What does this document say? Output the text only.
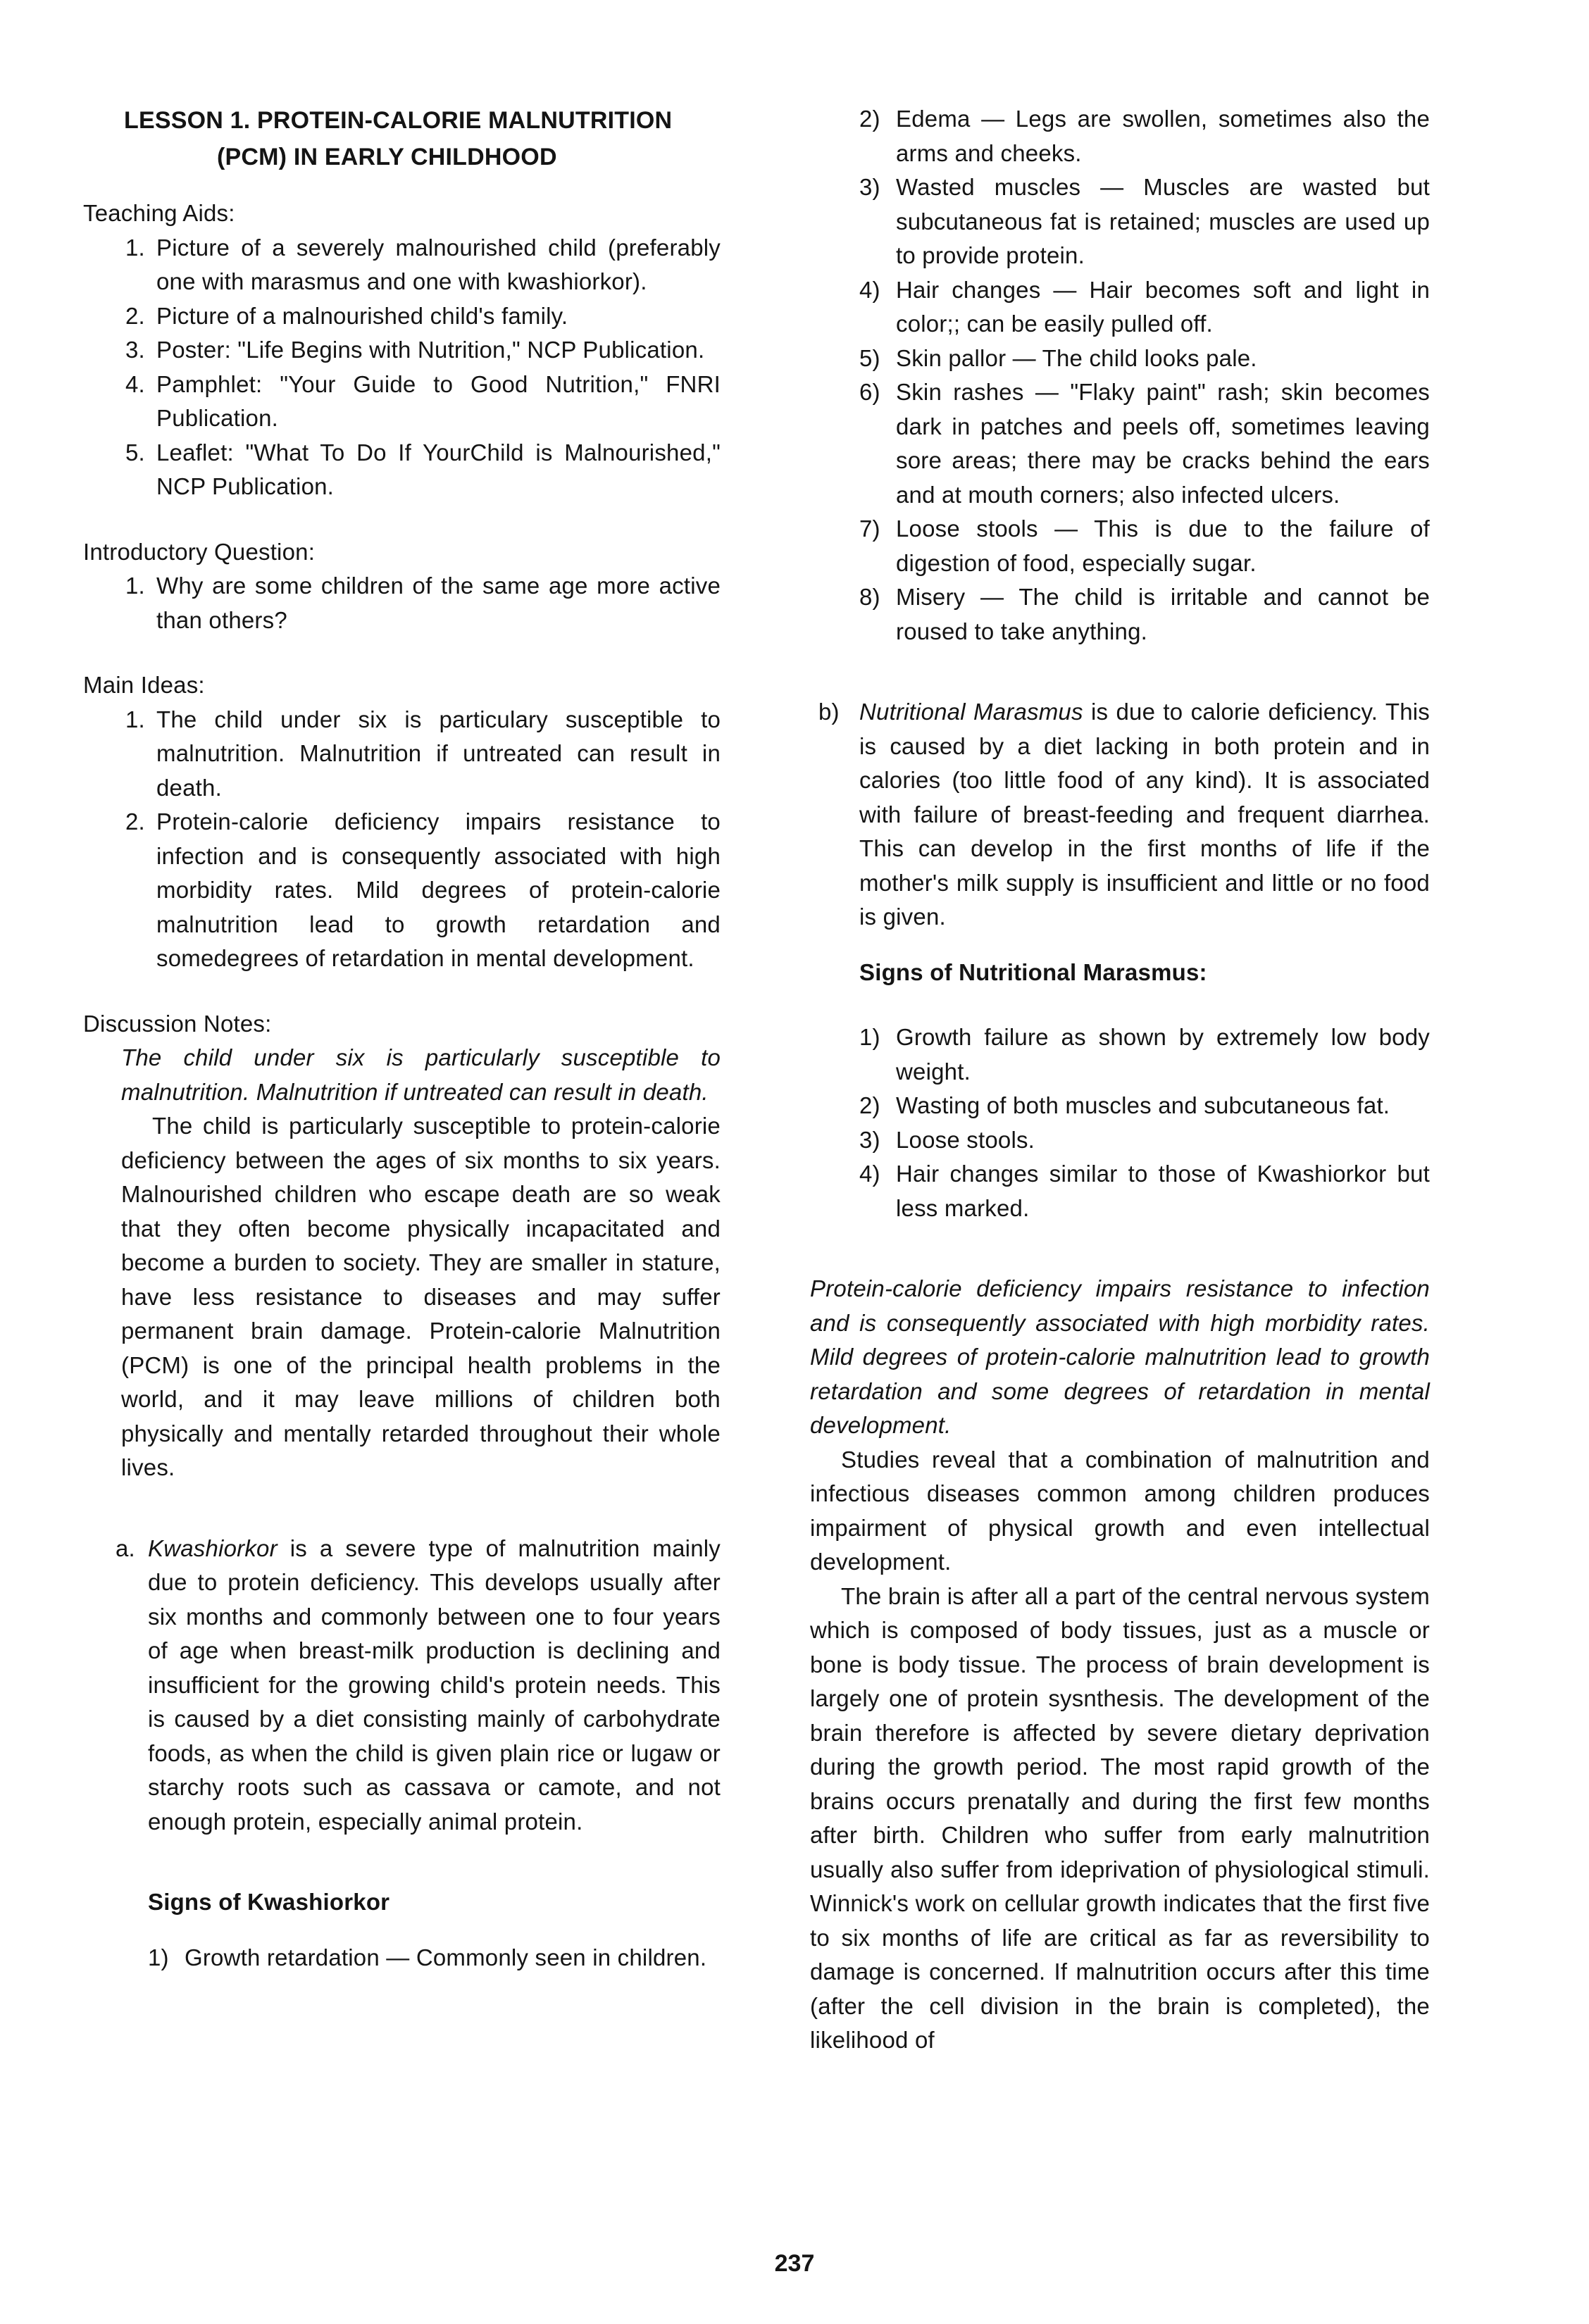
LESSON 1. PROTEIN-CALORIE MALNUTRITION
(PCM) IN EARLY CHILDHOOD

Teaching Aids:

1. Picture of a severely malnourished child (preferably one with marasmus and one with kwashiorkor).

2. Picture of a malnourished child's family.

3. Poster: "Life Begins with Nutrition," NCP Publication.

4. Pamphlet: "Your Guide to Good Nutrition," FNRI Publication.

5. Leaflet: "What To Do If YourChild is Malnourished," NCP Publication.

Introductory Question:

1. Why are some children of the same age more active than others?

Main Ideas:

1. The child under six is particulary susceptible to malnutrition. Malnutrition if untreated can result in death.

2. Protein-calorie deficiency impairs resistance to infection and is consequently associated with high morbidity rates. Mild degrees of protein-calorie malnutrition lead to growth retardation and somedegrees of retardation in mental development.

Discussion Notes:

The child under six is particularly susceptible to malnutrition. Malnutrition if untreated can result in death.

The child is particularly susceptible to protein-calorie deficiency between the ages of six months to six years. Malnourished children who escape death are so weak that they often become physically incapacitated and become a burden to society. They are smaller in stature, have less resistance to diseases and may suffer permanent brain damage. Protein-calorie Malnutrition (PCM) is one of the principal health problems in the world, and it may leave millions of children both physically and mentally retarded throughout their whole lives.

a. Kwashiorkor is a severe type of malnutrition mainly due to protein deficiency. This develops usually after six months and commonly between one to four years of age when breast-milk production is declining and insufficient for the growing child's protein needs. This is caused by a diet consisting mainly of carbohydrate foods, as when the child is given plain rice or lugaw or starchy roots such as cassava or camote, and not enough protein, especially animal protein.

Signs of Kwashiorkor

1) Growth retardation — Commonly seen in children.

2) Edema — Legs are swollen, sometimes also the arms and cheeks.

3) Wasted muscles — Muscles are wasted but subcutaneous fat is retained; muscles are used up to provide protein.

4) Hair changes — Hair becomes soft and light in color;; can be easily pulled off.

5) Skin pallor — The child looks pale.

6) Skin rashes — "Flaky paint" rash; skin becomes dark in patches and peels off, sometimes leaving sore areas; there may be cracks behind the ears and at mouth corners; also infected ulcers.

7) Loose stools — This is due to the failure of digestion of food, especially sugar.

8) Misery — The child is irritable and cannot be roused to take anything.

b) Nutritional Marasmus is due to calorie deficiency. This is caused by a diet lacking in both protein and in calories (too little food of any kind). It is associated with failure of breast-feeding and frequent diarrhea. This can develop in the first months of life if the mother's milk supply is insufficient and little or no food is given.

Signs of Nutritional Marasmus:

1) Growth failure as shown by extremely low body weight.

2) Wasting of both muscles and subcutaneous fat.

3) Loose stools.

4) Hair changes similar to those of Kwashiorkor but less marked.

Protein-calorie deficiency impairs resistance to infection and is consequently associated with high morbidity rates. Mild degrees of protein-calorie malnutrition lead to growth retardation and some degrees of retardation in mental development.

Studies reveal that a combination of malnutrition and infectious diseases common among children produces impairment of physical growth and even intellectual development.

The brain is after all a part of the central nervous system which is composed of body tissues, just as a muscle or bone is body tissue. The process of brain development is largely one of protein sysnthesis. The development of the brain therefore is affected by severe dietary deprivation during the growth period. The most rapid growth of the brains occurs prenatally and during the first few months after birth. Children who suffer from early malnutrition usually also suffer from ideprivation of physiological stimuli. Winnick's work on cellular growth indicates that the first five to six months of life are critical as far as reversibility to damage is concerned. If malnutrition occurs after this time (after the cell division in the brain is completed), the likelihood of

237
